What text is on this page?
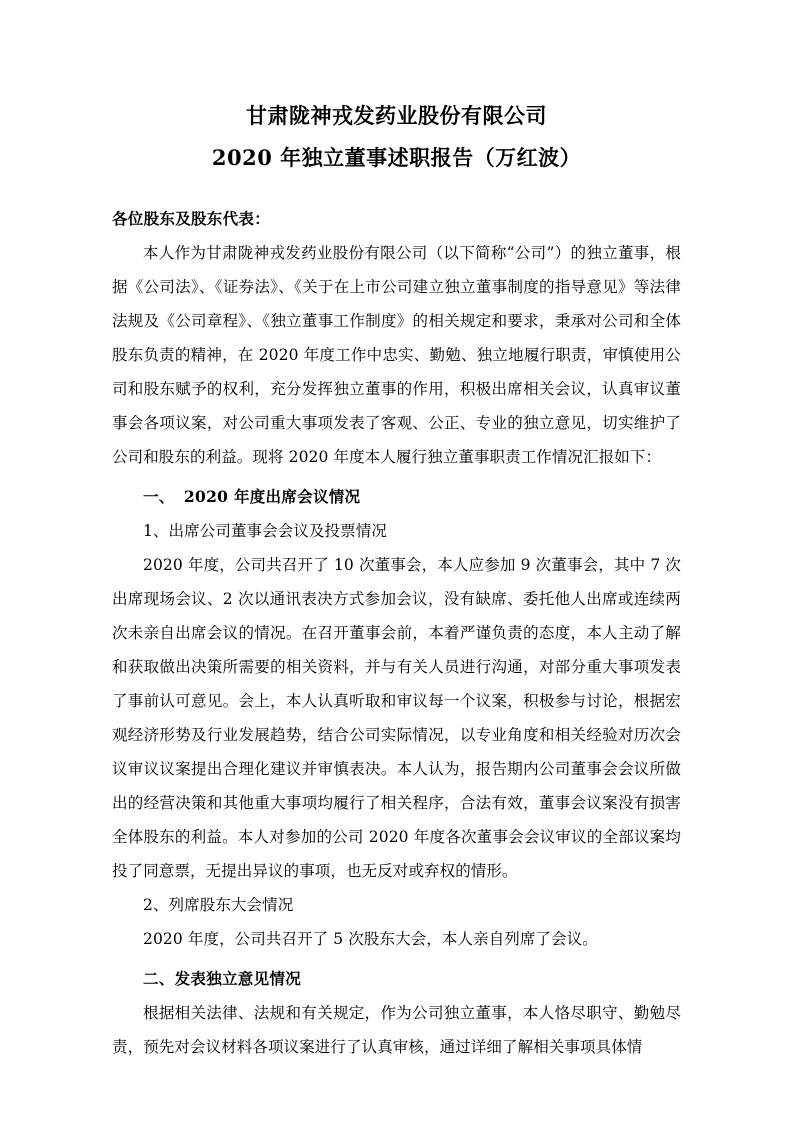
甘肃陇神戎发药业股份有限公司
2020 年独立董事述职报告（万红波）
各位股东及股东代表：

本人作为甘肃陇神戎发药业股份有限公司（以下简称“公司”）的独立董事，根据《公司法》、《证券法》、《关于在上市公司建立独立董事制度的指导意见》等法律法规及《公司章程》、《独立董事工作制度》的相关规定和要求，秉承对公司和全体股东负责的精神，在 2020 年度工作中忠实、勤勉、独立地履行职责，审慎使用公司和股东赋予的权利，充分发挥独立董事的作用，积极出席相关会议，认真审议董事会各项议案，对公司重大事项发表了客观、公正、专业的独立意见，切实维护了公司和股东的利益。现将 2020 年度本人履行独立董事职责工作情况汇报如下：

一、 2020 年度出席会议情况

1、出席公司董事会会议及投票情况

2020 年度，公司共召开了 10 次董事会，本人应参加 9 次董事会，其中 7 次出席现场会议、2 次以通讯表决方式参加会议，没有缺席、委托他人出席或连续两次未亲自出席会议的情况。在召开董事会前，本着严谨负责的态度，本人主动了解和获取做出决策所需要的相关资料，并与有关人员进行沟通，对部分重大事项发表了事前认可意见。会上，本人认真听取和审议每一个议案，积极参与讨论，根据宏观经济形势及行业发展趋势，结合公司实际情况，以专业角度和相关经验对历次会议审议议案提出合理化建议并审慎表决。本人认为，报告期内公司董事会会议所做出的经营决策和其他重大事项均履行了相关程序，合法有效，董事会议案没有损害全体股东的利益。本人对参加的公司 2020 年度各次董事会会议审议的全部议案均投了同意票，无提出异议的事项，也无反对或弃权的情形。

2、列席股东大会情况

2020 年度，公司共召开了 5 次股东大会，本人亲自列席了会议。

二、发表独立意见情况

根据相关法律、法规和有关规定，作为公司独立董事，本人恪尽职守、勤勉尽责，预先对会议材料各项议案进行了认真审核，通过详细了解相关事项具体情
